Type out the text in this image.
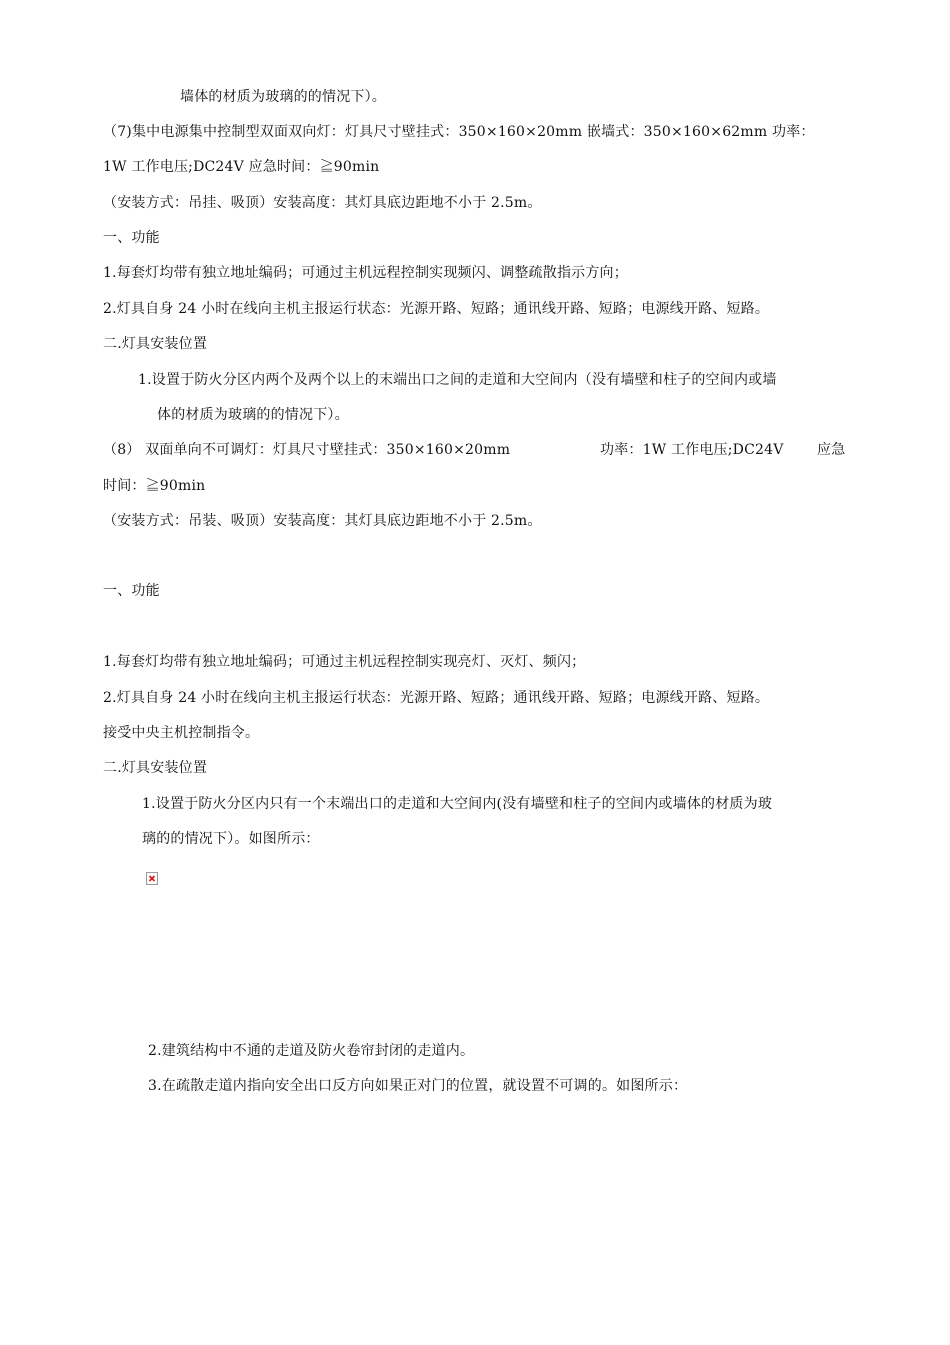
墙体的材质为玻璃的的情况下）。
（7)集中电源集中控制型双面双向灯：灯具尺寸壁挂式：350×160×20mm 嵌墙式：350×160×62mm 功率：
1W 工作电压;DC24V 应急时间：≧90min
（安装方式：吊挂、吸顶）安装高度：其灯具底边距地不小于 2.5m。
一、功能
1.每套灯均带有独立地址编码；可通过主机远程控制实现频闪、调整疏散指示方向；
2.灯具自身 24 小时在线向主机主报运行状态：光源开路、短路；通讯线开路、短路；电源线开路、短路。
二.灯具安装位置
1.设置于防火分区内两个及两个以上的末端出口之间的走道和大空间内（没有墙壁和柱子的空间内或墙
体的材质为玻璃的的情况下）。
（8） 双面单向不可调灯：灯具尺寸壁挂式：350×160×20mm	功率：1W 工作电压;DC24V 应急
时间：≧90min
（安装方式：吊装、吸顶）安装高度：其灯具底边距地不小于 2.5m。
一、功能
1.每套灯均带有独立地址编码；可通过主机远程控制实现亮灯、灭灯、频闪；
2.灯具自身 24 小时在线向主机主报运行状态：光源开路、短路；通讯线开路、短路；电源线开路、短路。
接受中央主机控制指令。
二.灯具安装位置
1.设置于防火分区内只有一个末端出口的走道和大空间内(没有墙壁和柱子的空间内或墙体的材质为玻
璃的的情况下）。如图所示：
2.建筑结构中不通的走道及防火卷帘封闭的走道内。
3.在疏散走道内指向安全出口反方向如果正对门的位置，就设置不可调的。如图所示：
